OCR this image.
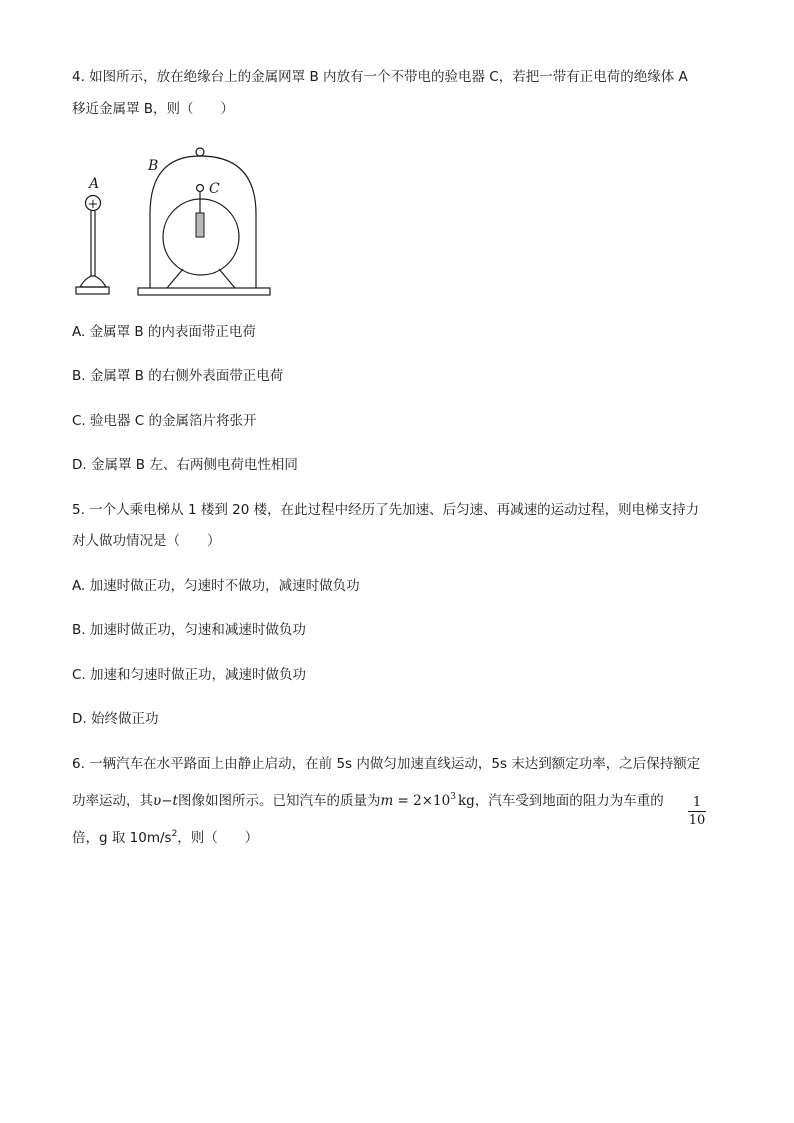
4. 如图所示，放在绝缘台上的金属网罩 B 内放有一个不带电的验电器 C，若把一带有正电荷的绝缘体 A
移近金属罩 B，则（　　）
A
+
B
C
A. 金属罩 B 的内表面带正电荷
B. 金属罩 B 的右侧外表面带正电荷
C. 验电器 C 的金属箔片将张开
D. 金属罩 B 左、右两侧电荷电性相同
5. 一个人乘电梯从 1 楼到 20 楼，在此过程中经历了先加速、后匀速、再减速的运动过程，则电梯支持力
对人做功情况是（　　）
A. 加速时做正功，匀速时不做功，减速时做负功
B. 加速时做正功，匀速和减速时做负功
C. 加速和匀速时做正功，减速时做负功
D. 始终做正功
6. 一辆汽车在水平路面上由静止启动，在前 5s 内做匀加速直线运动，5s 末达到额定功率，之后保持额定
功率运动，其υ−t图像如图所示。已知汽车的质量为$m = 2\times 10^3$ kg，汽车受到地面的阻力为车重的	1
10
倍，g 取 $10m/s^2$，则（　　）
